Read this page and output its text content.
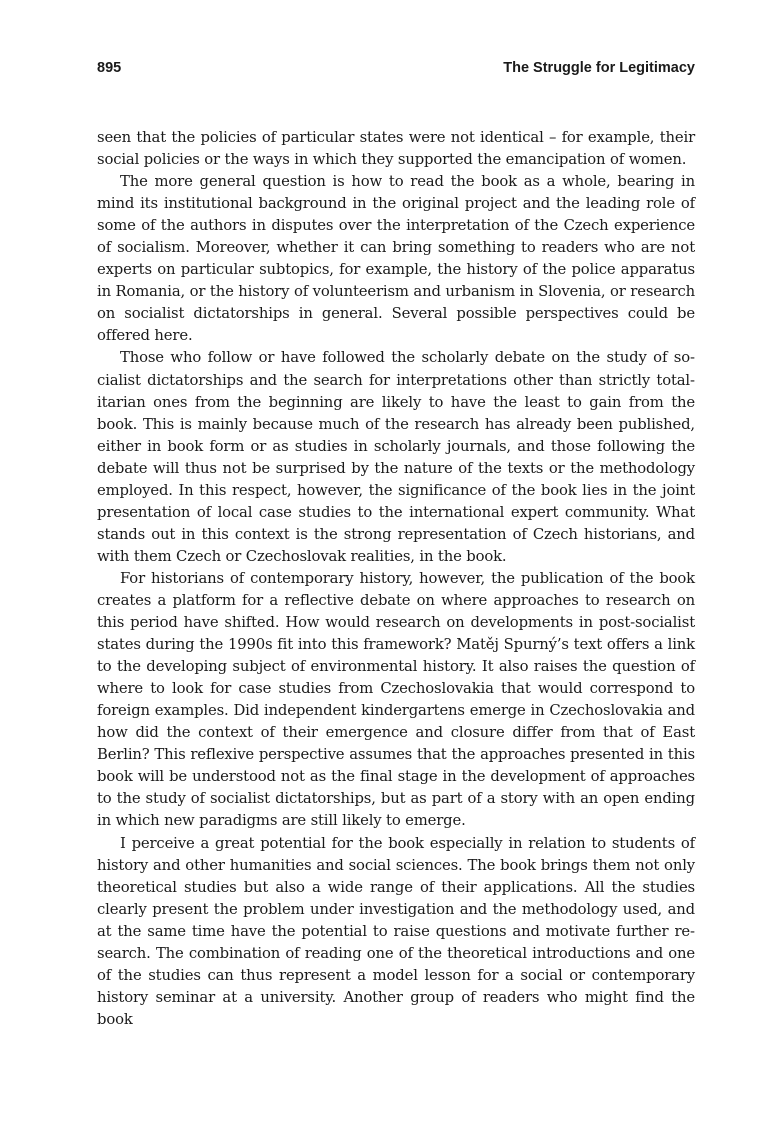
895	The Struggle for Legitimacy

seen that the policies of particular states were not identical – for example, their social policies or the ways in which they supported the emancipation of women.

The more general question is how to read the book as a whole, bearing in mind its institutional background in the original project and the leading role of some of the authors in disputes over the interpretation of the Czech experience of socialism. Moreover, whether it can bring something to readers who are not experts on particular subtopics, for example, the history of the police apparatus in Romania, or the history of volunteerism and urbanism in Slovenia, or research on socialist dictatorships in general. Several possible perspectives could be offered here.

Those who follow or have followed the scholarly debate on the study of socialist dictatorships and the search for interpretations other than strictly totalitarian ones from the beginning are likely to have the least to gain from the book. This is mainly because much of the research has already been published, either in book form or as studies in scholarly journals, and those following the debate will thus not be surprised by the nature of the texts or the methodology employed. In this respect, however, the significance of the book lies in the joint presentation of local case studies to the international expert community. What stands out in this context is the strong representation of Czech historians, and with them Czech or Czechoslovak realities, in the book.

For historians of contemporary history, however, the publication of the book creates a platform for a reflective debate on where approaches to research on this period have shifted. How would research on developments in post-socialist states during the 1990s fit into this framework? Matěj Spurný’s text offers a link to the developing subject of environmental history. It also raises the question of where to look for case studies from Czechoslovakia that would correspond to foreign examples. Did independent kindergartens emerge in Czechoslovakia and how did the context of their emergence and closure differ from that of East Berlin? This reflexive perspective assumes that the approaches presented in this book will be understood not as the final stage in the development of approaches to the study of socialist dictatorships, but as part of a story with an open ending in which new paradigms are still likely to emerge.

I perceive a great potential for the book especially in relation to students of history and other humanities and social sciences. The book brings them not only theoretical studies but also a wide range of their applications. All the studies clearly present the problem under investigation and the methodology used, and at the same time have the potential to raise questions and motivate further research. The combination of reading one of the theoretical introductions and one of the studies can thus represent a model lesson for a social or contemporary history seminar at a university. Another group of readers who might find the book
